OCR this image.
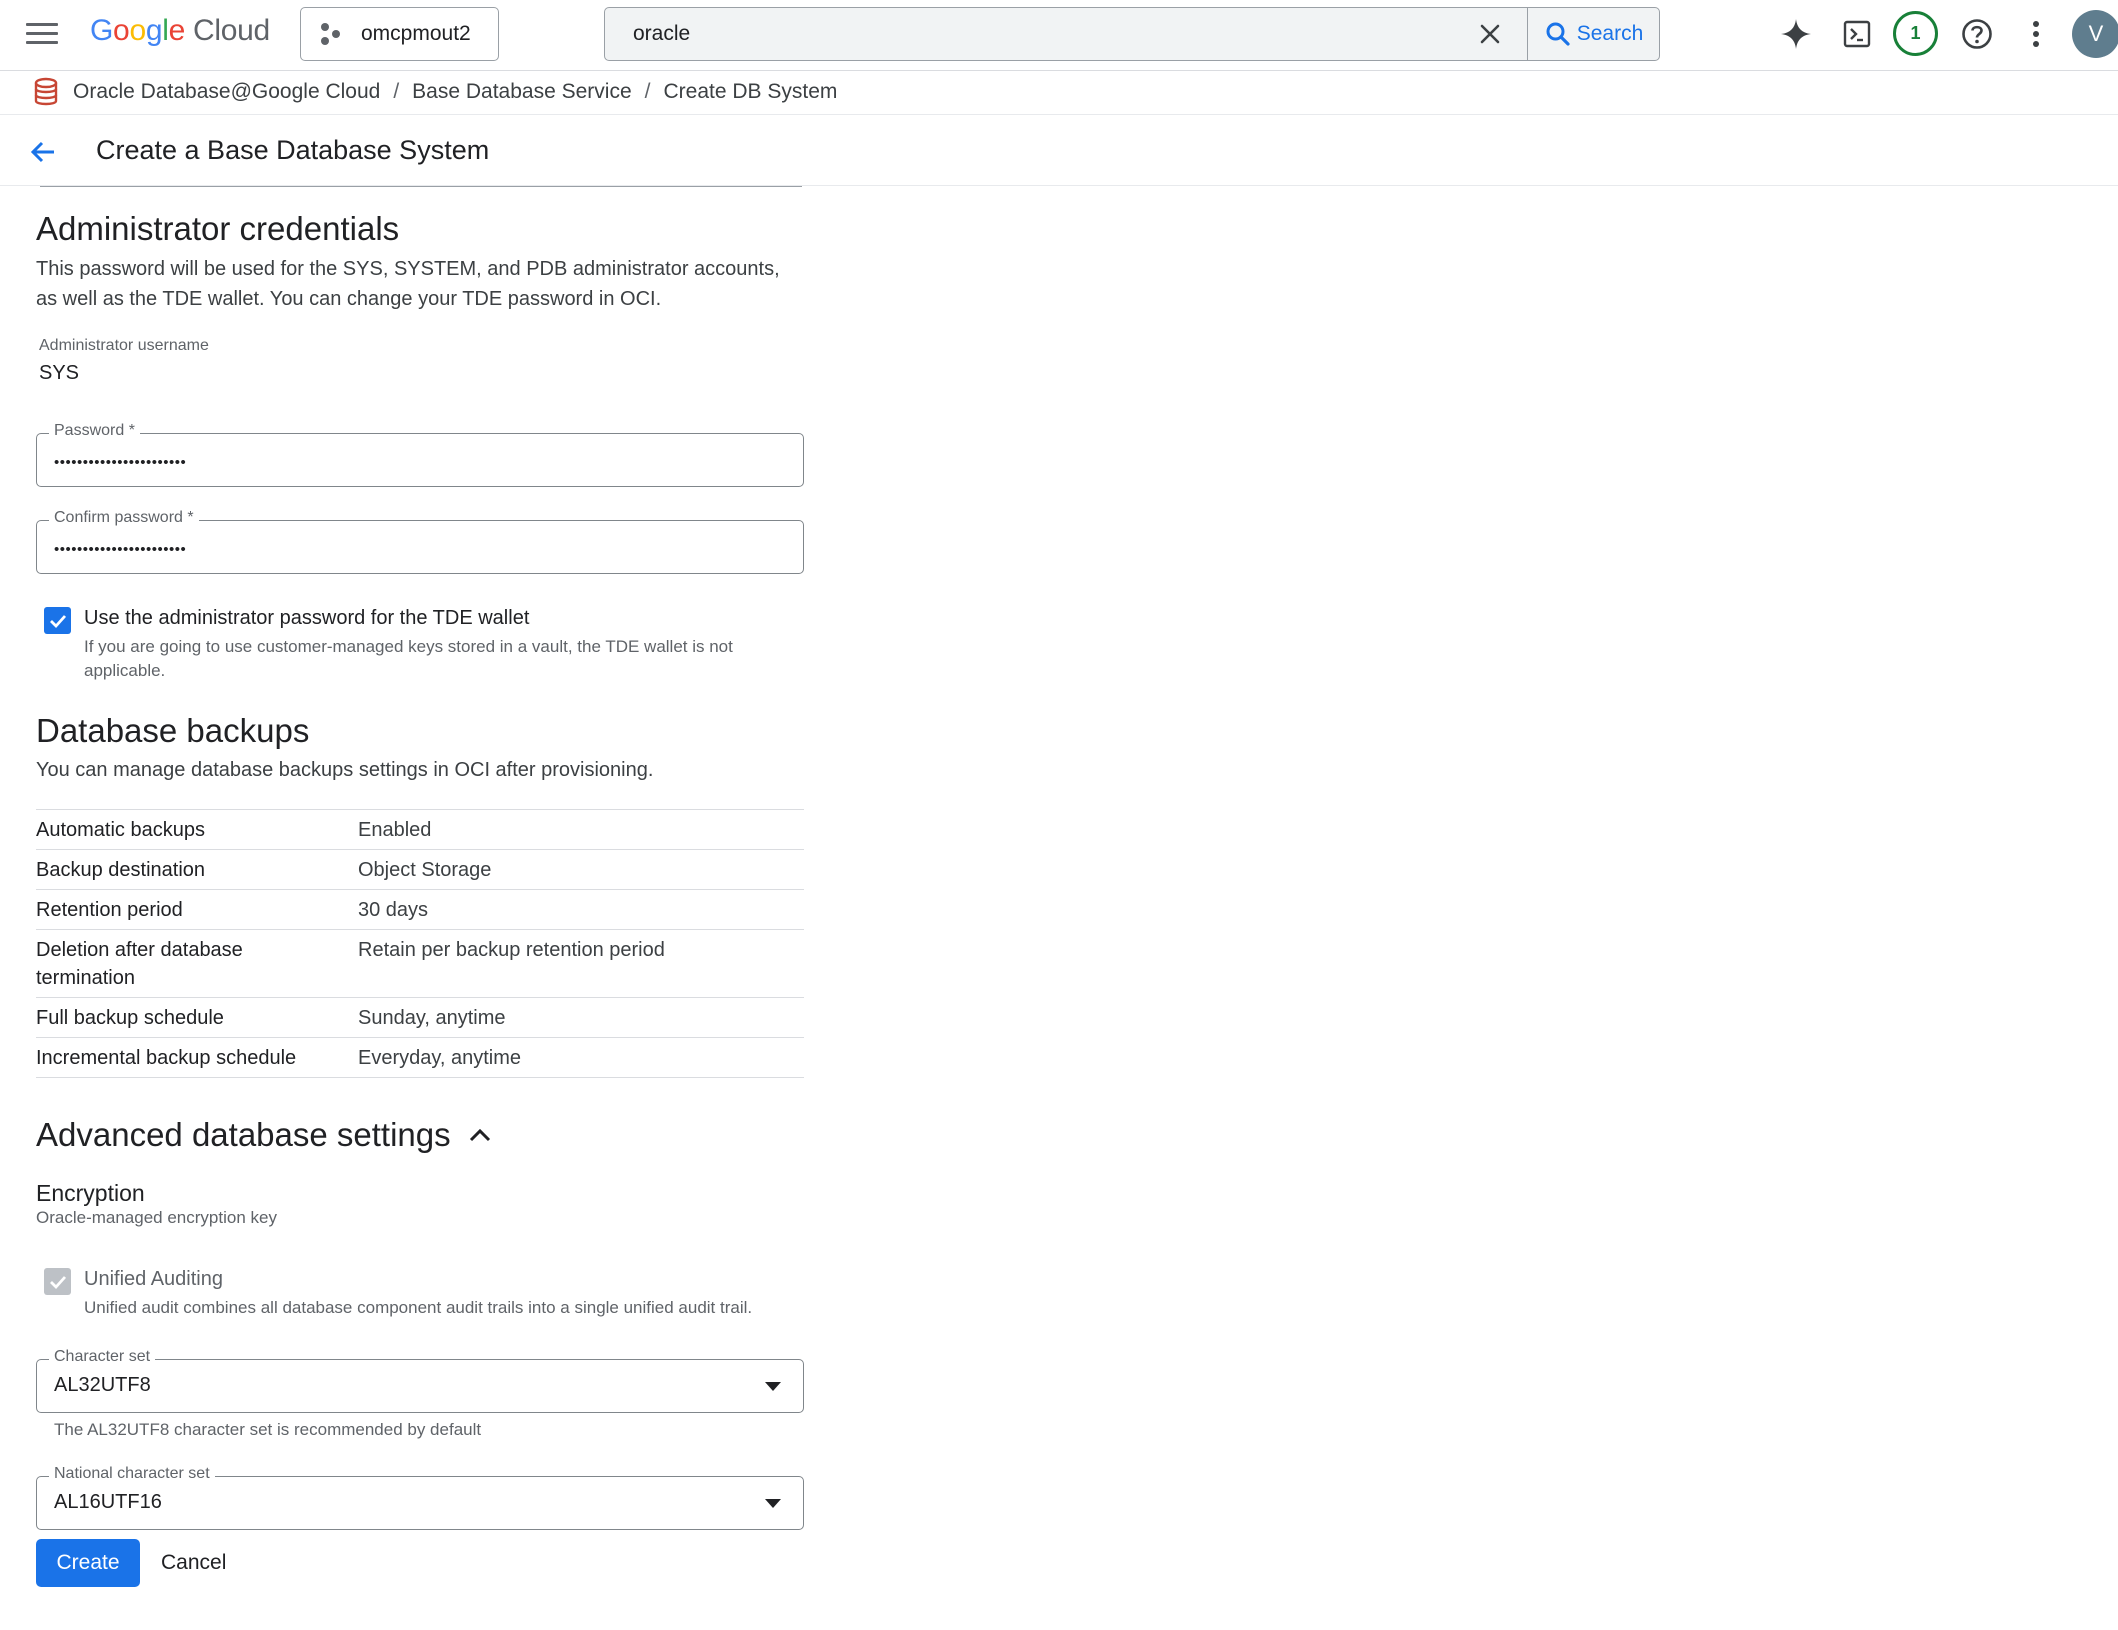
Google Cloud	omcpmout2
oracle	Search	1	V
Oracle Database@Google Cloud / Base Database Service / Create DB System
Create a Base Database System
Administrator credentials
This password will be used for the SYS, SYSTEM, and PDB administrator accounts,
as well as the TDE wallet. You can change your TDE password in OCI.
Administrator username
SYS
Password *
•••••••••••••••••••••••
Confirm password *
•••••••••••••••••••••••
Use the administrator password for the TDE wallet
If you are going to use customer-managed keys stored in a vault, the TDE wallet is not
applicable.
Database backups
You can manage database backups settings in OCI after provisioning.
Automatic backups	Enabled
Backup destination	Object Storage
Retention period	30 days

Deletion after database
termination	Retain per backup retention period
Full backup schedule	Sunday, anytime
Incremental backup schedule	Everyday, anytime
Advanced database settings
Encryption
Oracle-managed encryption key
Unified Auditing
Unified audit combines all database component audit trails into a single unified audit trail.
Character set
AL32UTF8
The AL32UTF8 character set is recommended by default
National character set
AL16UTF16
Create	Cancel
